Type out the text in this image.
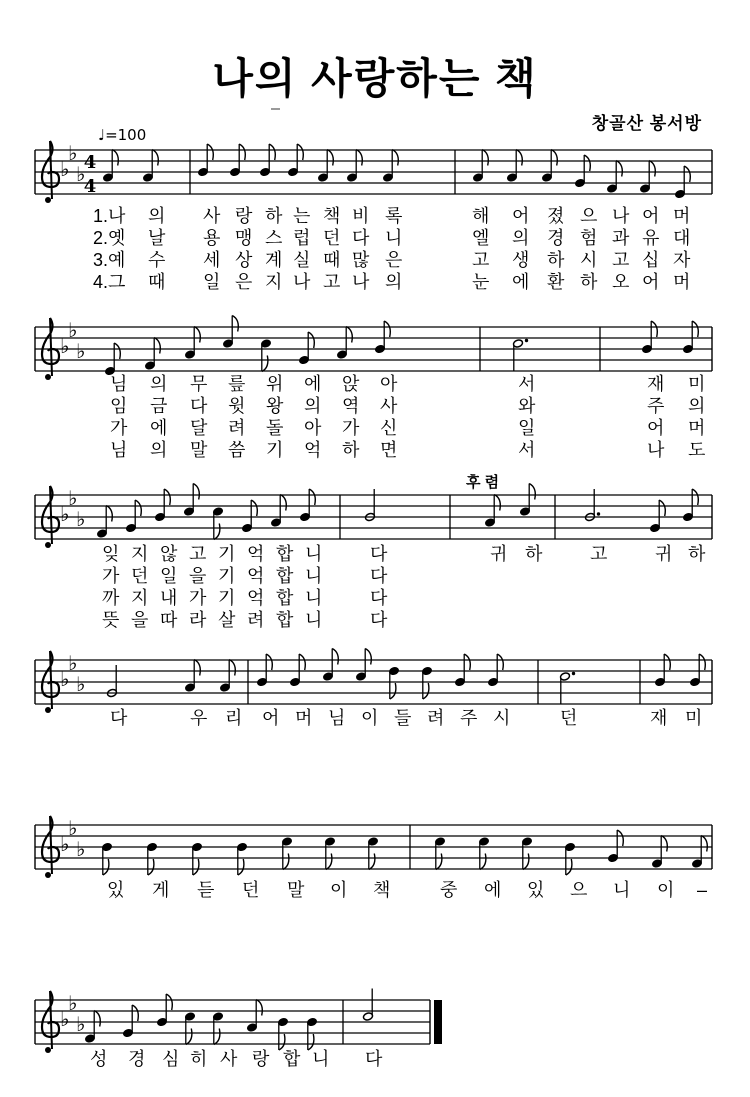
나의 사랑하는 책
창골산 봉서방
♭
♭
♭
4
4
♩=100
♭
♭
♭
♭
♭
♭
후 렴
♭
♭
♭
♭
♭
♭
♭
♭
♭
1.나 의 사 랑 하 는 책 비 록	해 어 졌 으 나 어 머
2.옛 날 용 맹 스 럽 던 다 니	엘 의 경 험 과 유 대
3.예 수 세 상 계 실 때 많 은	고 생 하 시 고 십 자
4.그 때 일 은 지 나 고 나 의	눈 에 환 하 오 어 머
님 의 무 릎 위 에 앉 아	서	재 미
임 금 다 윗 왕 의 역 사	와	주 의
가 에 달 려 돌 아 가 신	일	어 머
님 의 말 씀 기 억 하 면	서	나 도
잊 지 않 고 기 억 합 니	다	귀 하	고	귀 하
가 던 일 을 기 억 합 니	다
까 지 내 가 기 억 합 니	다
뜻 을 따 라 살 려 합 니	다
다	우 리 어 머 님 이 들 려 주 시	던	재 미
있 게 듣 던 말 이 책	중 에 있 으 니 이 –
성 경 심 히 사 랑 합 니 다
